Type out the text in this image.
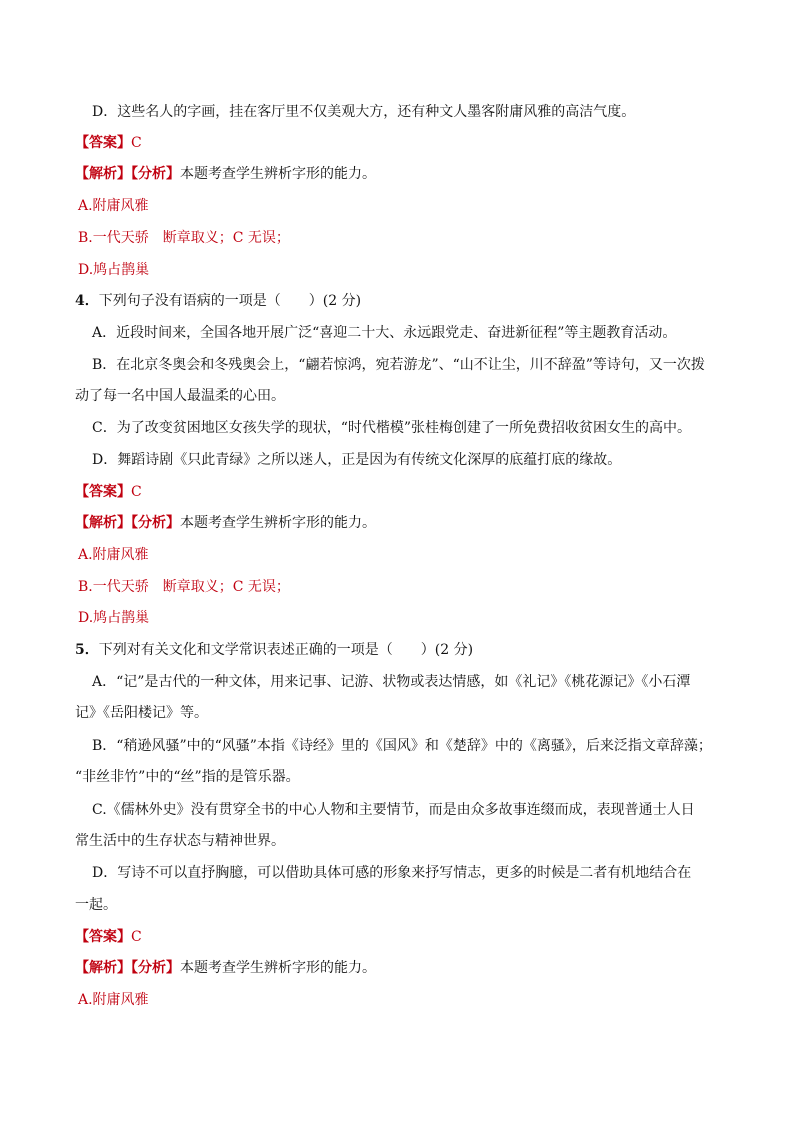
D．这些名人的字画，挂在客厅里不仅美观大方，还有种文人墨客附庸风雅的高洁气度。
【答案】C
【解析】【分析】本题考查学生辨析字形的能力。
A.附庸风雅
B.一代天骄　断章取义；C 无误；
D.鸠占鹊巢
4．下列句子没有语病的一项是（　　）(2 分)
A．近段时间来，全国各地开展广泛“喜迎二十大、永远跟党走、奋进新征程”等主题教育活动。
B．在北京冬奥会和冬残奥会上，“翩若惊鸿，宛若游龙”、“山不让尘，川不辞盈”等诗句，又一次拨
动了每一名中国人最温柔的心田。
C．为了改变贫困地区女孩失学的现状，“时代楷模”张桂梅创建了一所免费招收贫困女生的高中。
D．舞蹈诗剧《只此青绿》之所以迷人，正是因为有传统文化深厚的底蕴打底的缘故。
【答案】C
【解析】【分析】本题考查学生辨析字形的能力。
A.附庸风雅
B.一代天骄　断章取义；C 无误；
D.鸠占鹊巢
5．下列对有关文化和文学常识表述正确的一项是（　　）(2 分)
A．“记”是古代的一种文体，用来记事、记游、状物或表达情感，如《礼记》《桃花源记》《小石潭
记》《岳阳楼记》等。
B．“稍逊风骚”中的“风骚”本指《诗经》里的《国风》和《楚辞》中的《离骚》，后来泛指文章辞藻；
“非丝非竹”中的“丝”指的是管乐器。
C.《儒林外史》没有贯穿全书的中心人物和主要情节，而是由众多故事连缀而成，表现普通士人日
常生活中的生存状态与精神世界。
D．写诗不可以直抒胸臆，可以借助具体可感的形象来抒写情志，更多的时候是二者有机地结合在
一起。
【答案】C
【解析】【分析】本题考查学生辨析字形的能力。
A.附庸风雅
